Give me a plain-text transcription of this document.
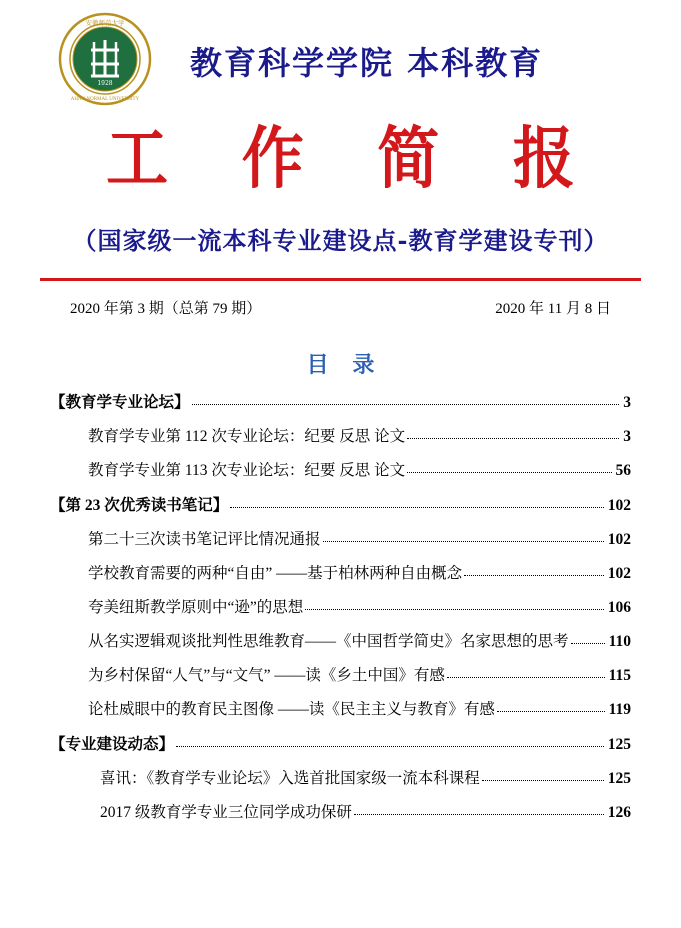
1928
安徽师范大学
AHNU NORMAL UNIVERSITY
教育科学学院 本科教育
工 作 简 报
（国家级一流本科专业建设点-教育学建设专刊）
2020 年第 3 期（总第 79 期）	2020 年 11 月 8 日
目 录
【教育学专业论坛】	3
教育学专业第 112 次专业论坛：纪要 反思 论文	3
教育学专业第 113 次专业论坛：纪要 反思 论文	56
【第 23 次优秀读书笔记】	102
第二十三次读书笔记评比情况通报	102
学校教育需要的两种“自由” ——基于柏林两种自由概念	102
夸美纽斯教学原则中“逊”的思想	106
从名实逻辑观谈批判性思维教育——《中国哲学简史》名家思想的思考	110
为乡村保留“人气”与“文气” ——读《乡土中国》有感	115
论杜威眼中的教育民主图像 ——读《民主主义与教育》有感	119
【专业建设动态】	125
喜讯：《教育学专业论坛》入选首批国家级一流本科课程	125
2017 级教育学专业三位同学成功保研	126
